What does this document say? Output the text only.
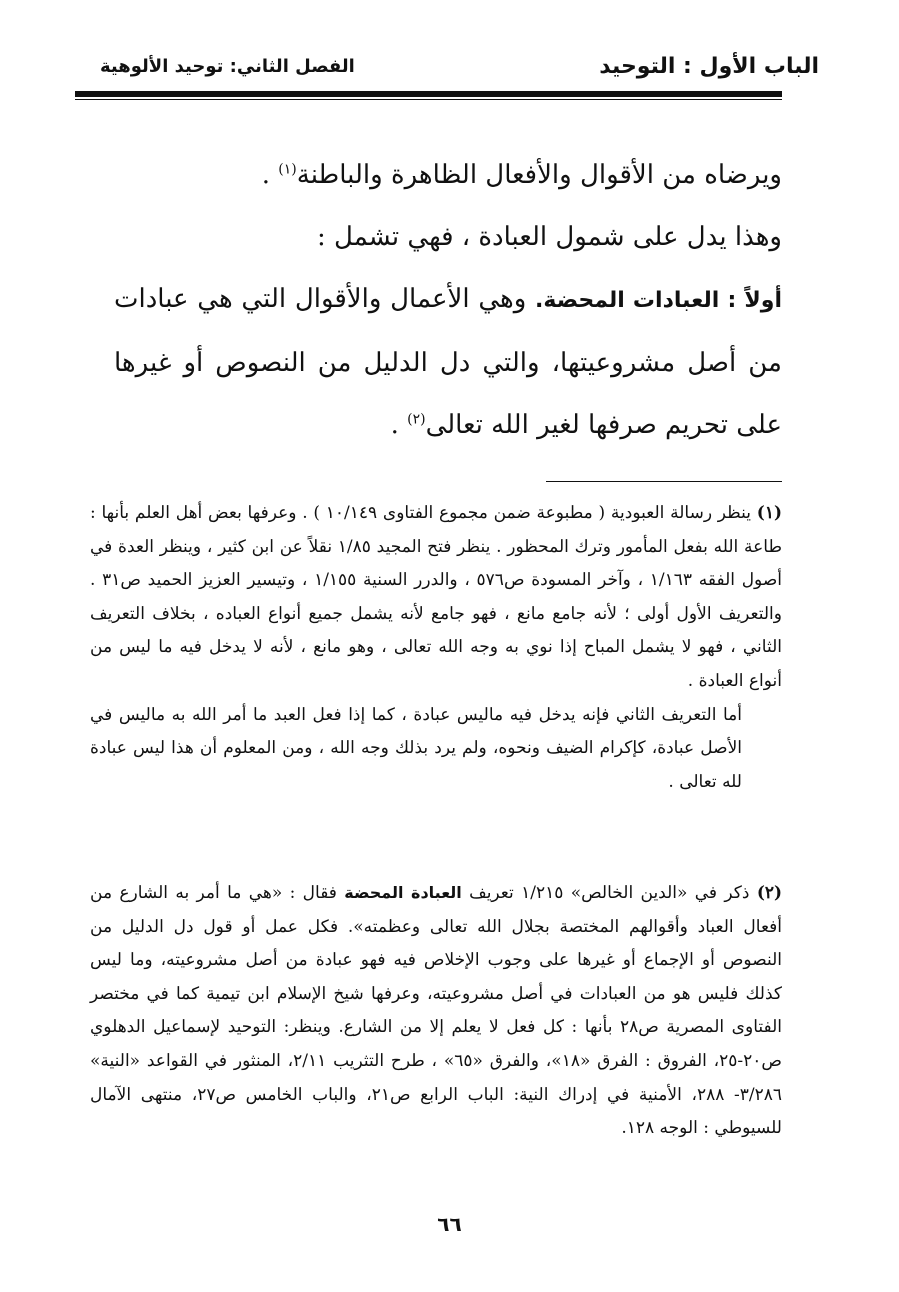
الباب الأول : التوحيد
الفصل الثاني: توحيد الألوهية
ويرضاه من الأقوال والأفعال الظاهرة والباطنة$^{(١)}$ .
وهذا يدل على شمول العبادة ، فهي تشمل :
أولاً : العبادات المحضة. وهي الأعمال والأقوال التي هي عبادات من أصل مشروعيتها، والتي دل الدليل من النصوص أو غيرها على تحريم صرفها لغير الله تعالى$^{(٢)}$ .
(١) ينظر رسالة العبودية ( مطبوعة ضمن مجموع الفتاوى ١٠/١٤٩ ) . وعرفها بعض أهل العلم بأنها : طاعة الله بفعل المأمور وترك المحظور . ينظر فتح المجيد ١/٨٥ نقلاً عن ابن كثير ، وينظر العدة في أصول الفقه ١/١٦٣ ، وآخر المسودة ص٥٧٦ ، والدرر السنية ١/١٥٥ ، وتيسير العزيز الحميد ص٣١ . والتعريف الأول أولى ؛ لأنه جامع مانع ، فهو جامع لأنه يشمل جميع أنواع العباده ، بخلاف التعريف الثاني ، فهو لا يشمل المباح إذا نوي به وجه الله تعالى ، وهو مانع ، لأنه لا يدخل فيه ما ليس من أنواع العبادة .
أما التعريف الثاني فإنه يدخل فيه ماليس عبادة ، كما إذا فعل العبد ما أمر الله به ماليس في الأصل عبادة، كإكرام الضيف ونحوه، ولم يرد بذلك وجه الله ، ومن المعلوم أن هذا ليس عبادة لله تعالى .
(٢) ذكر في «الدين الخالص» ١/٢١٥ تعريف العبادة المحضة فقال : «هي ما أمر به الشارع من أفعال العباد وأقوالهم المختصة بجلال الله تعالى وعظمته». فكل عمل أو قول دل الدليل من النصوص أو الإجماع أو غيرها على وجوب الإخلاص فيه فهو عبادة من أصل مشروعيته، وما ليس كذلك فليس هو من العبادات في أصل مشروعيته، وعرفها شيخ الإسلام ابن تيمية كما في مختصر الفتاوى المصرية ص٢٨ بأنها : كل فعل لا يعلم إلا من الشارع. وينظر: التوحيد لإسماعيل الدهلوي ص٢٠-٢٥، الفروق : الفرق «١٨»، والفرق «٦٥» ، طرح التثريب ٢/١١، المنثور في القواعد «النية» ٣/٢٨٦- ٢٨٨، الأمنية في إدراك النية: الباب الرابع ص٢١، والباب الخامس ص٢٧، منتهى الآمال للسيوطي : الوجه ١٢٨.
٦٦
